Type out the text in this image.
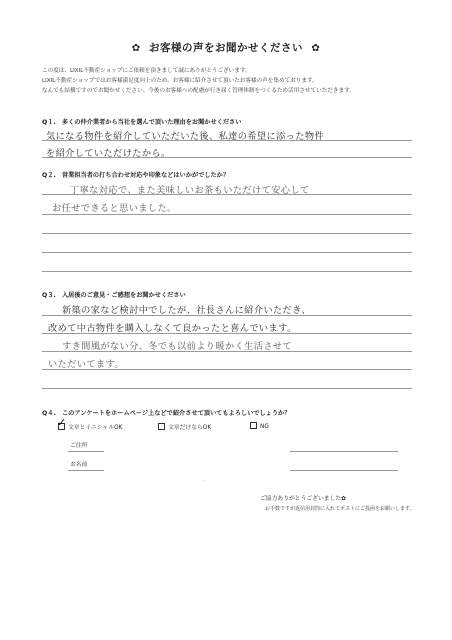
✿ お客様の声をお聞かせください ✿
この度は、LIXIL不動産ショップにご依頼を頂きまして誠にありがとうございます。
LIXIL不動産ショップではお客様満足度向上のため、お客様に紹介させて頂いたお客様の声を集めております。
なんでも結構ですのでお聞かせください。今後のお客様への配慮が行き届く管理体制をつくるため活用させていただきます。
Q１.　多くの仲介業者から当社を選んで頂いた理由をお聞かせください
気になる物件を紹介していただいた後、私達の希望に添った物件
を紹介していただけたから。
Q２.　営業担当者の打ち合わせ対応や印象などはいかがでしたか？
丁寧な対応で、また美味しいお茶もいただけて安心して
お任せできると思いました。
Q３.　入居後のご意見・ご感想をお聞かせください
新築の家など検討中でしたが、社長さんに紹介いただき、
改めて中古物件を購入しなくて良かったと喜んでいます。
すき間風がない分、冬でも以前より暖かく生活させて
いただいてます。
Q４.　このアンケートをホームページ上などで紹介させて頂いてもよろしいでしょうか？
文章とイニシャルOK
✓	文章だけならOK	NG
ご住所
お名前
·
ご協力ありがとうございました✿
お手数ですが返信用封筒に入れてポストにご投函をお願いします。
